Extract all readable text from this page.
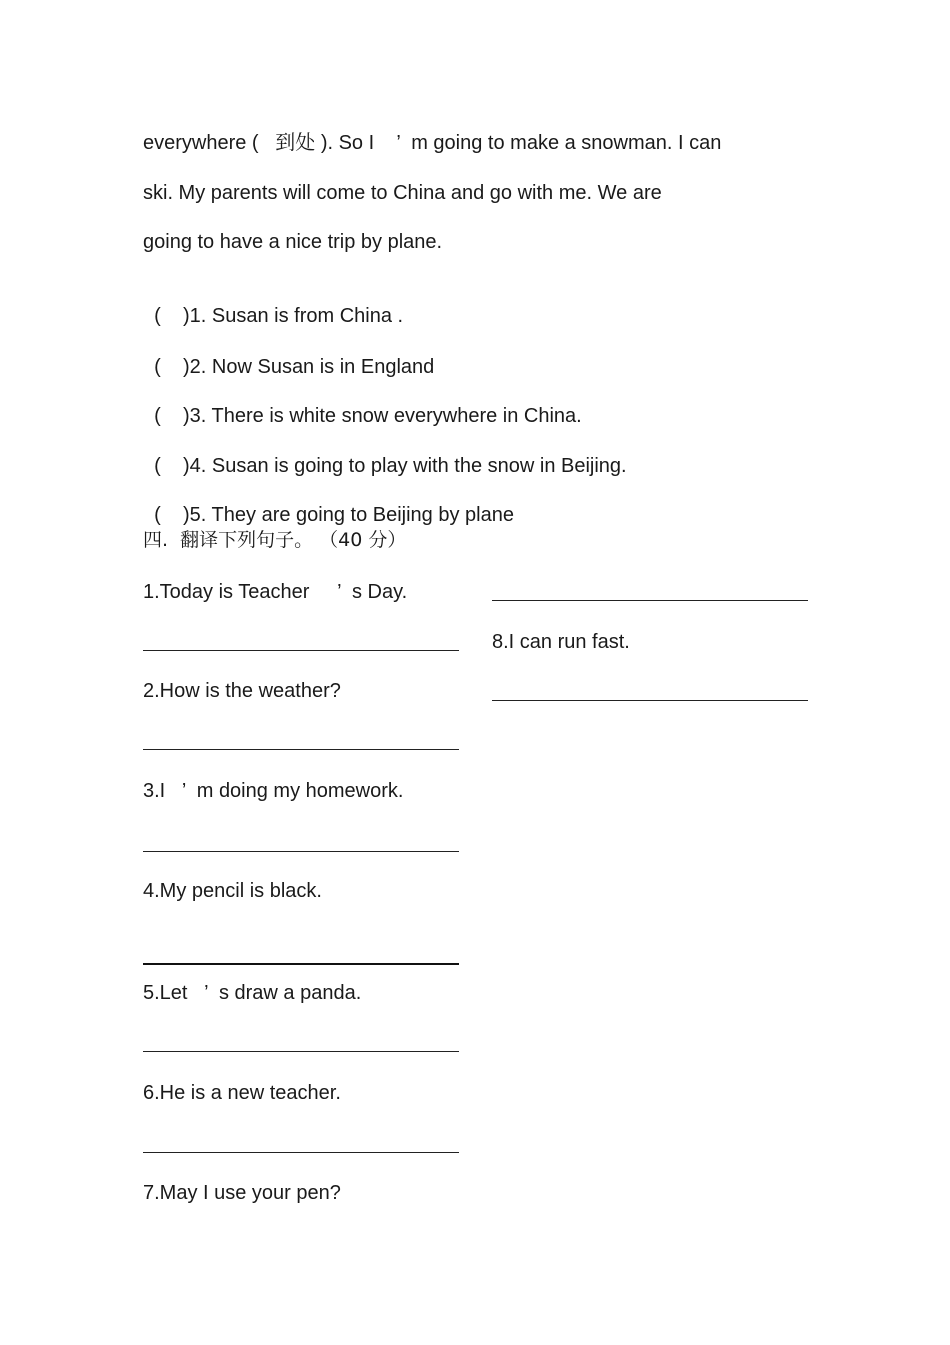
everywhere (   到处 ). So I    ’  m going to make a snowman. I can
ski. My parents will come to China and go with me. We are
going to have a nice trip by plane.

(    )1. Susan is from China .

(    )2. Now Susan is in England

(    )3. There is white snow everywhere in China.

(    )4. Susan is going to play with the snow in Beijing.

(    )5. They are going to Beijing by plane

四.  翻译下列句子。 （40 分）
1.Today is Teacher     ’  s Day.
2.How is the weather?
3.I   ’  m doing my homework.
4.My pencil is black.
5.Let   ’  s draw a panda.
6.He is a new teacher.
7.May I use your pen?
8.I can run fast.
